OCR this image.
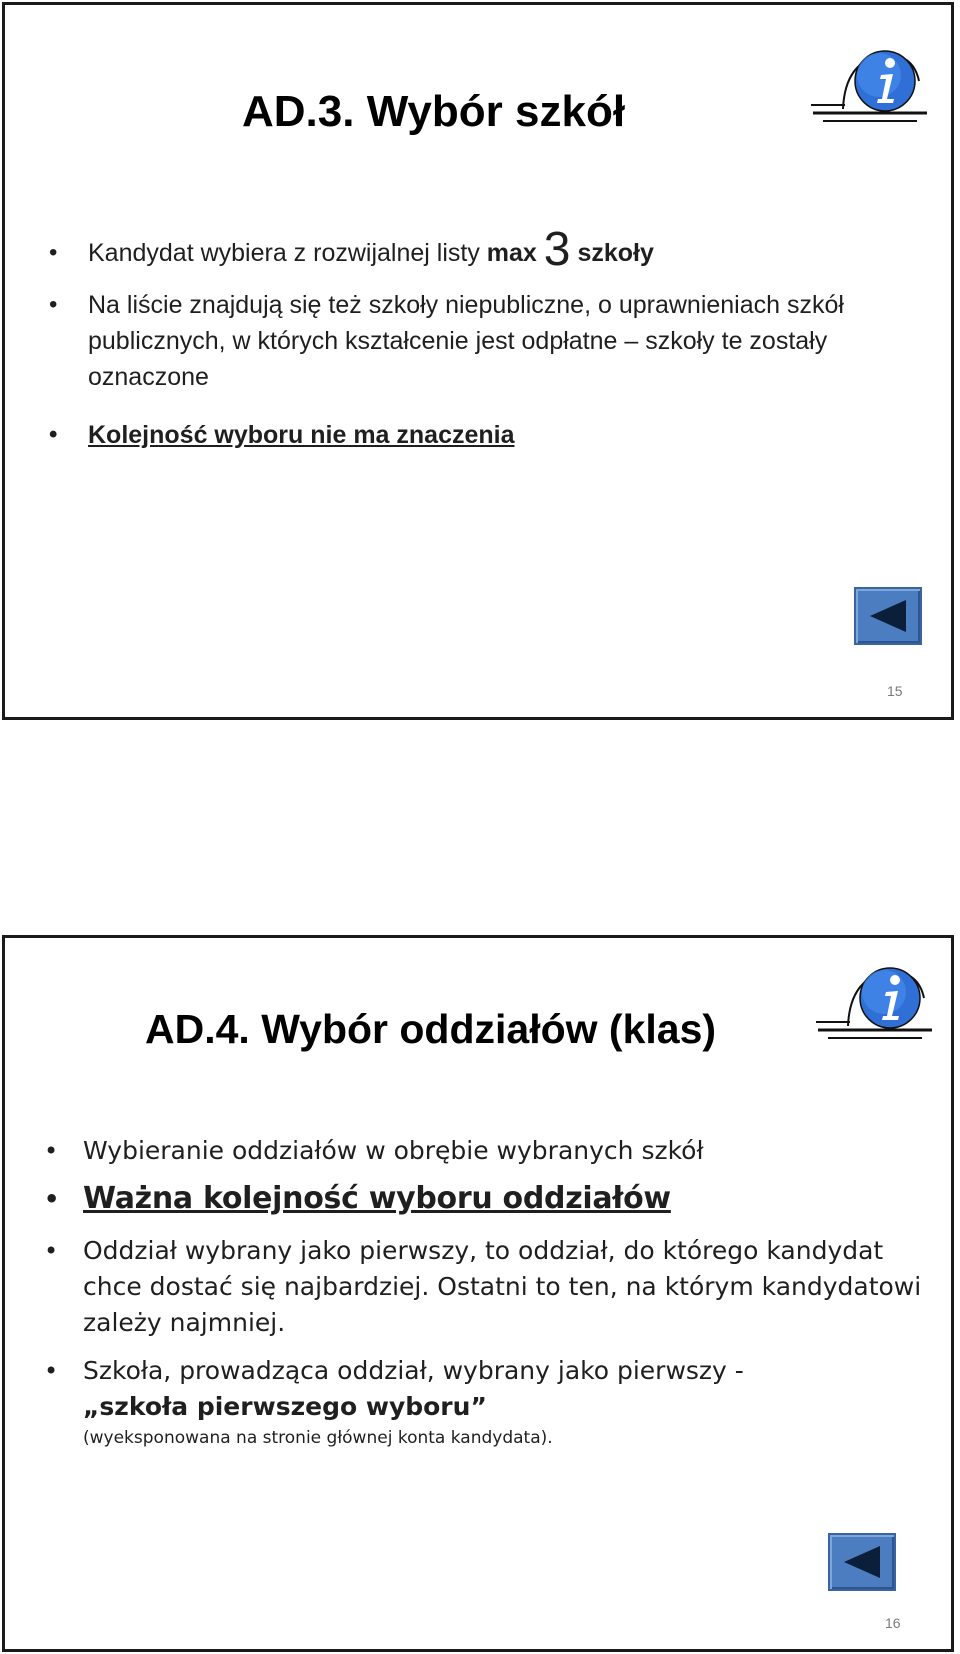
AD.3. Wybór szkół
• Kandydat wybiera z rozwijalnej listy max 3 szkoły
• Na liście znajdują się też szkoły niepubliczne, o uprawnieniach szkół publicznych, w których kształcenie jest odpłatne – szkoły te zostały oznaczone
• Kolejność wyboru nie ma znaczenia
15
AD.4. Wybór oddziałów (klas)
• Wybieranie oddziałów w obrębie wybranych szkół
• Ważna kolejność wyboru oddziałów
• Oddział wybrany jako pierwszy, to oddział, do którego kandydat chce dostać się najbardziej. Ostatni to ten, na którym kandydatowi zależy najmniej.
• Szkoła, prowadząca oddział, wybrany jako pierwszy -
„szkoła pierwszego wyboru”
(wyeksponowana na stronie głównej konta kandydata).
16
